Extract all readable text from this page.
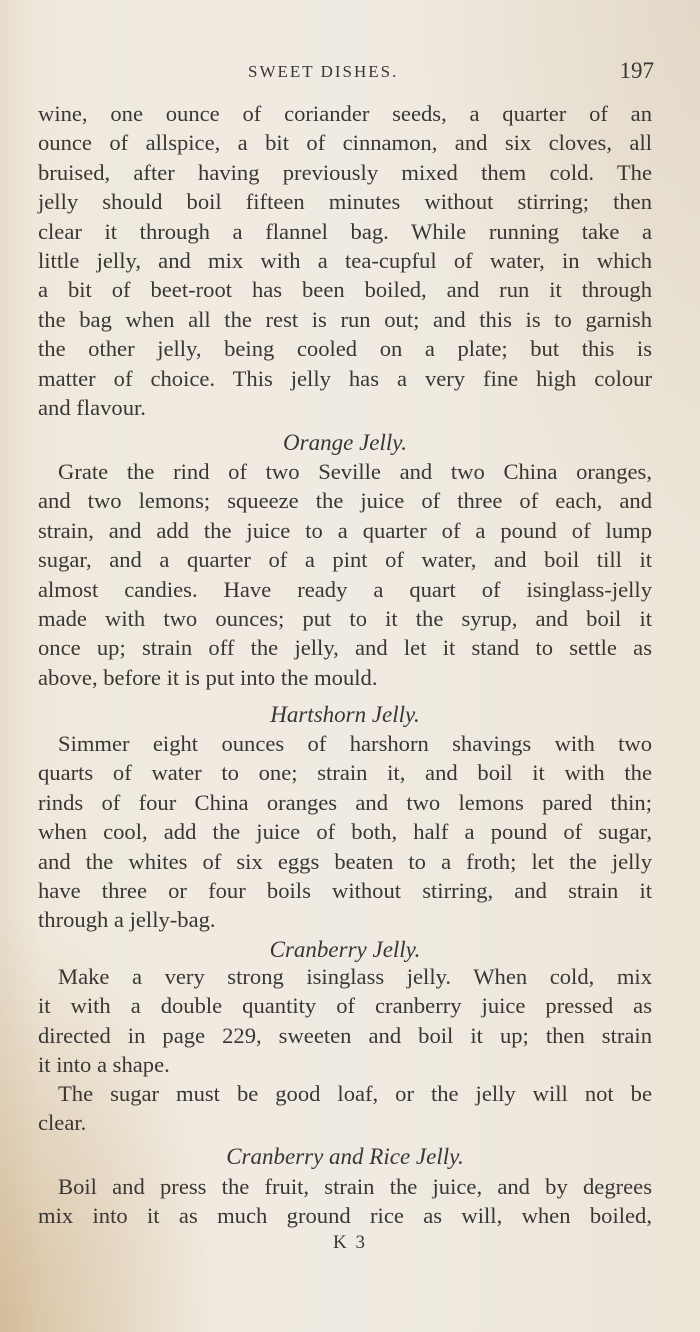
SWEET DISHES.	197
wine, one ounce of coriander seeds, a quarter of an
ounce of allspice, a bit of cinnamon, and six cloves, all
bruised, after having previously mixed them cold. The
jelly should boil fifteen minutes without stirring; then
clear it through a flannel bag. While running take a
little jelly, and mix with a tea-cupful of water, in which
a bit of beet-root has been boiled, and run it through
the bag when all the rest is run out; and this is to garnish
the other jelly, being cooled on a plate; but this is
matter of choice. This jelly has a very fine high colour
and flavour.
Orange Jelly.
Grate the rind of two Seville and two China oranges,
and two lemons; squeeze the juice of three of each, and
strain, and add the juice to a quarter of a pound of lump
sugar, and a quarter of a pint of water, and boil till it
almost candies. Have ready a quart of isinglass-jelly
made with two ounces; put to it the syrup, and boil it
once up; strain off the jelly, and let it stand to settle as
above, before it is put into the mould.
Hartshorn Jelly.
Simmer eight ounces of harshorn shavings with two
quarts of water to one; strain it, and boil it with the
rinds of four China oranges and two lemons pared thin;
when cool, add the juice of both, half a pound of sugar,
and the whites of six eggs beaten to a froth; let the jelly
have three or four boils without stirring, and strain it
through a jelly-bag.
Cranberry Jelly.
Make a very strong isinglass jelly. When cold, mix
it with a double quantity of cranberry juice pressed as
directed in page 229, sweeten and boil it up; then strain
it into a shape.
The sugar must be good loaf, or the jelly will not be
clear.
Cranberry and Rice Jelly.
Boil and press the fruit, strain the juice, and by degrees
mix into it as much ground rice as will, when boiled,
K 3
